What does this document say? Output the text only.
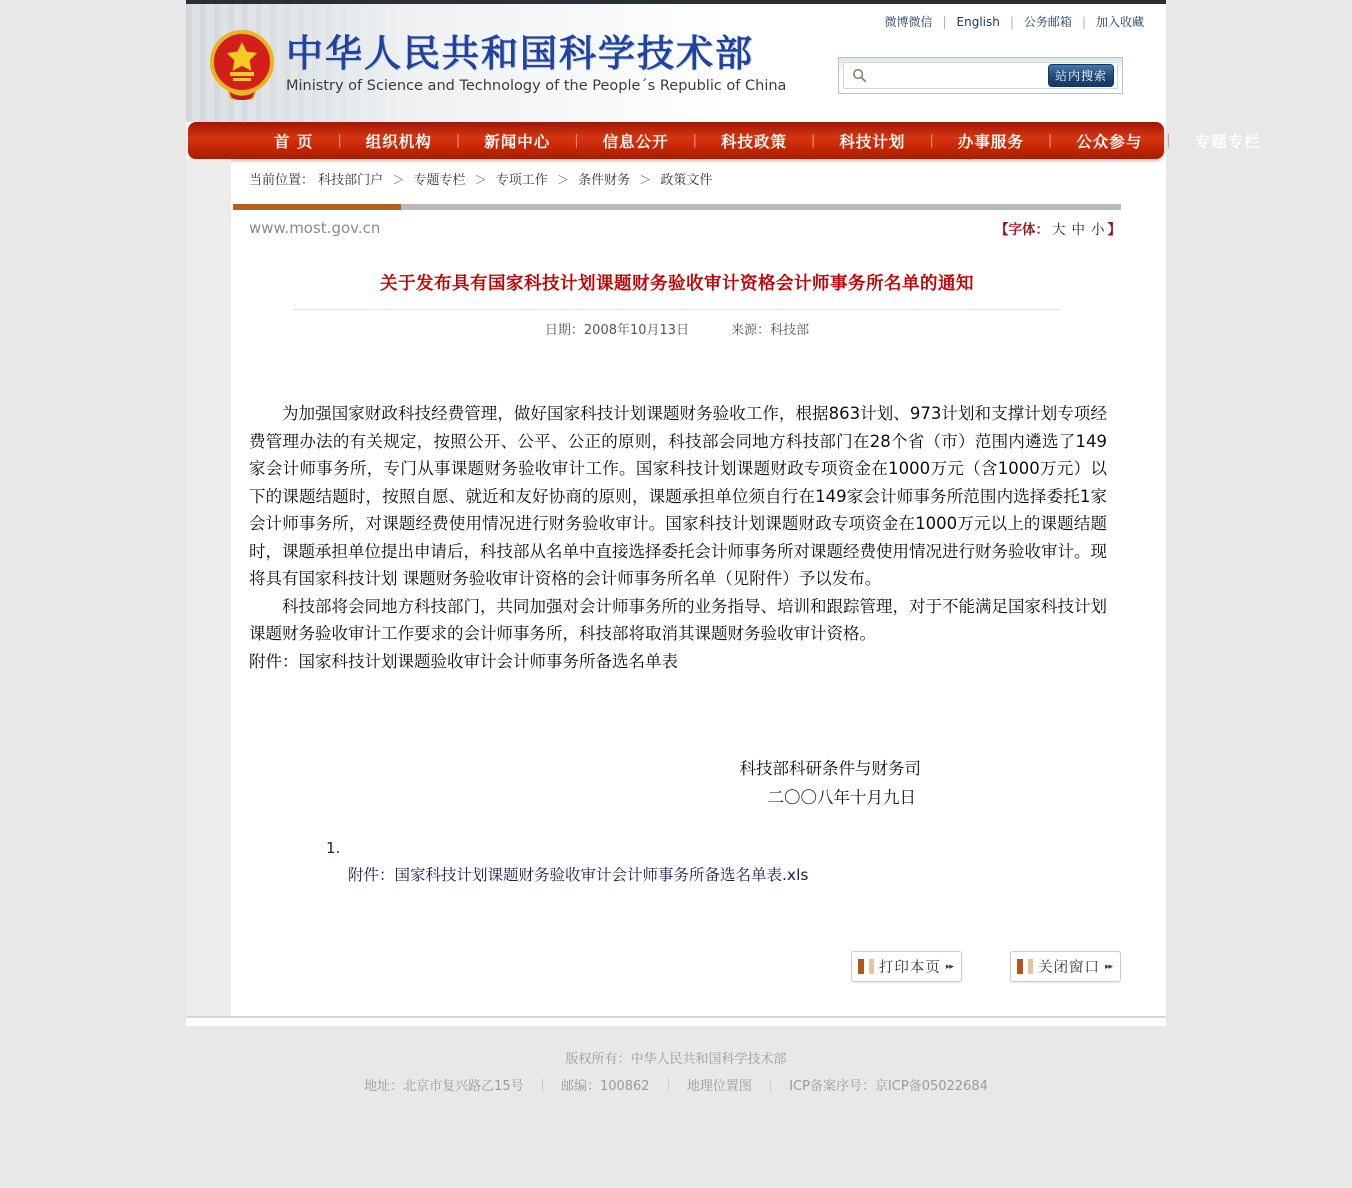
微博微信 | English | 公务邮箱 | 加入收藏
中华人民共和国科学技术部
Ministry of Science and Technology of the People´s Republic of China
站内搜索
首 页	|	组织机构	|	新闻中心	|	信息公开	|	科技政策	|	科技计划	|	办事服务	|	公众参与	|	专题专栏
当前位置： 科技部门户 ＞ 专题专栏 ＞ 专项工作 ＞ 条件财务 ＞ 政策文件
www.most.gov.cn	【字体： 大 中 小 】
关于发布具有国家科技计划课题财务验收审计资格会计师事务所名单的通知
日期：2008年10月13日	来源：科技部

为加强国家财政科技经费管理，做好国家科技计划课题财务验收工作，根据863计划、973计划和支撑计划专项经费管理办法的有关规定，按照公开、公平、公正的原则，科技部会同地方科技部门在28个省（市）范围内遴选了149家会计师事务所，专门从事课题财务验收审计工作。国家科技计划课题财政专项资金在1000万元（含1000万元）以下的课题结题时，按照自愿、就近和友好协商的原则，课题承担单位须自行在149家会计师事务所范围内选择委托1家会计师事务所，对课题经费使用情况进行财务验收审计。国家科技计划课题财政专项资金在1000万元以上的课题结题时，课题承担单位提出申请后，科技部从名单中直接选择委托会计师事务所对课题经费使用情况进行财务验收审计。现将具有国家科技计划 课题财务验收审计资格的会计师事务所名单（见附件）予以发布。

科技部将会同地方科技部门，共同加强对会计师事务所的业务指导、培训和跟踪管理，对于不能满足国家科技计划课题财务验收审计工作要求的会计师事务所，科技部将取消其课题财务验收审计资格。

附件：国家科技计划课题验收审计会计师事务所备选名单表
科技部科研条件与财务司
二〇〇八年十月九日
1.
附件：国家科技计划课题财务验收审计会计师事务所备选名单表.xls
打印本页 ▸▸	关闭窗口
▸▸
版权所有：中华人民共和国科学技术部
地址：北京市复兴路乙15号 ｜ 邮编：100862 ｜ 地理位置图 ｜ ICP备案序号：京ICP备05022684
